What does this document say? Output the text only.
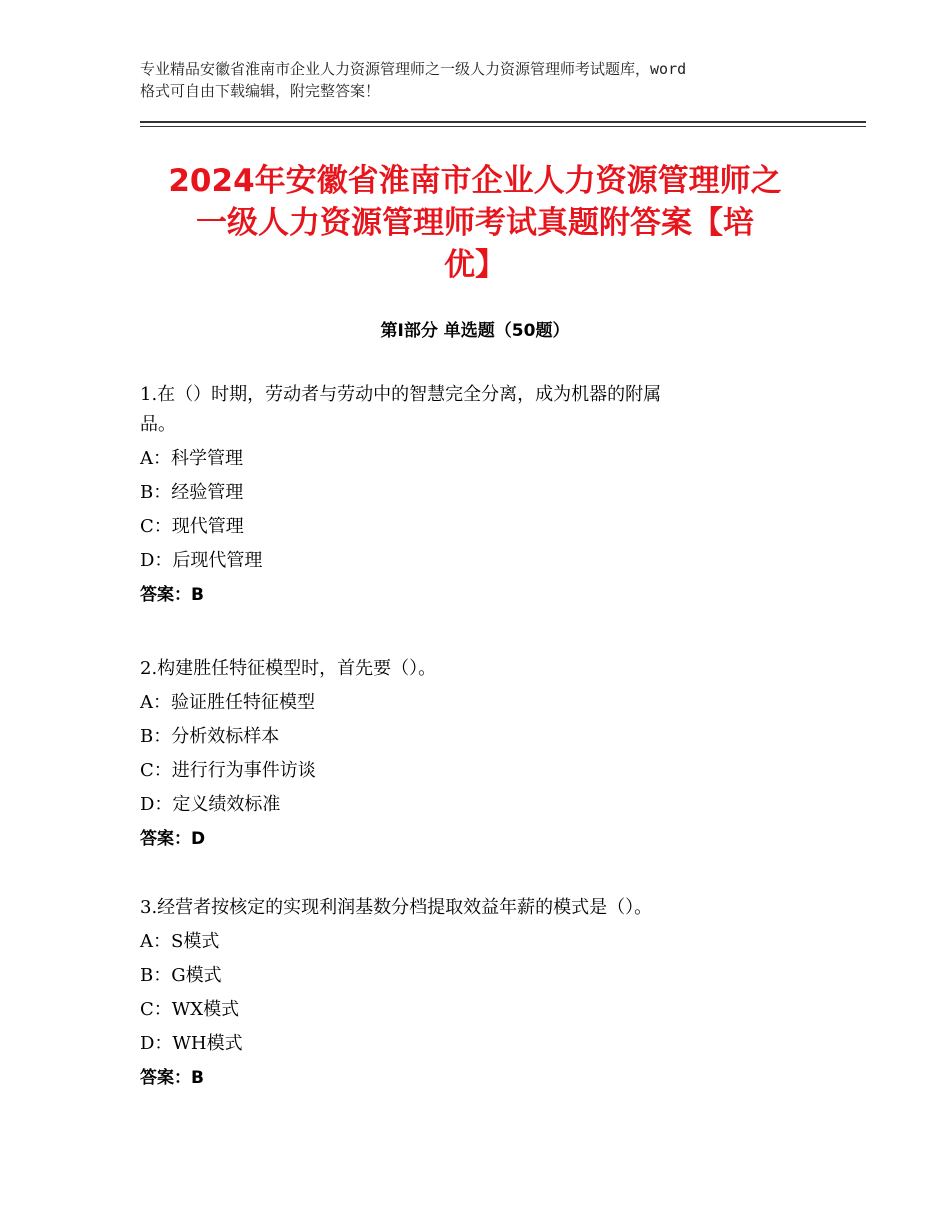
专业精品安徽省淮南市企业人力资源管理师之一级人力资源管理师考试题库，word
格式可自由下载编辑，附完整答案！
2024年安徽省淮南市企业人力资源管理师之
一级人力资源管理师考试真题附答案【培
优】
第Ⅰ部分 单选题（50题）
1.在（）时期，劳动者与劳动中的智慧完全分离，成为机器的附属
品。
A：科学管理
B：经验管理
C：现代管理
D：后现代管理
答案：B
2.构建胜任特征模型时，首先要（）。
A：验证胜任特征模型
B：分析效标样本
C：进行行为事件访谈
D：定义绩效标准
答案：D
3.经营者按核定的实现利润基数分档提取效益年薪的模式是（）。
A：S模式
B：G模式
C：WX模式
D：WH模式
答案：B
